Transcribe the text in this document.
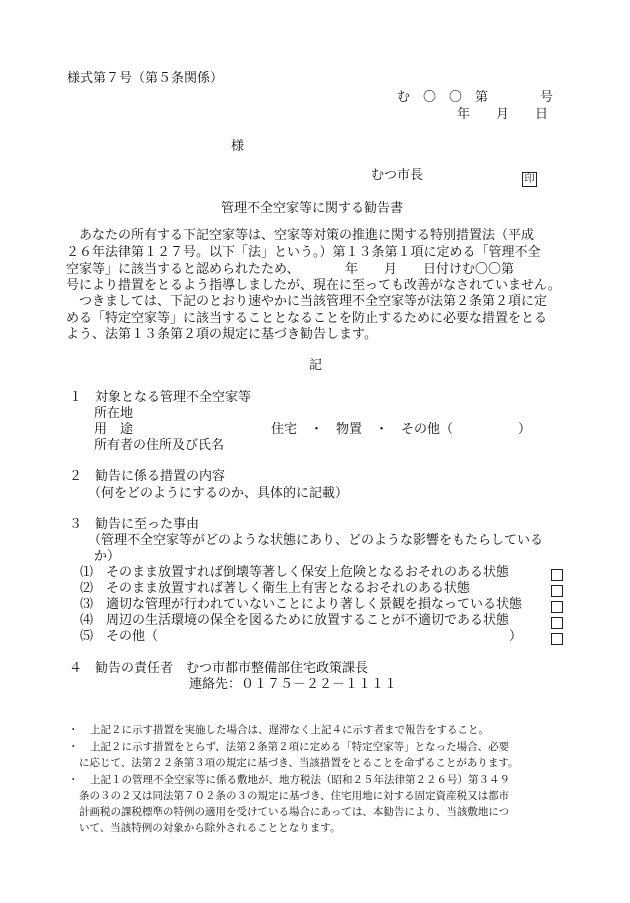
様式第７号（第５条関係）
む　〇　〇　第　　　　号
年　　月　　日
様
むつ市長	印
管理不全空家等に関する勧告書
あなたの所有する下記空家等は、空家等対策の推進に関する特別措置法（平成
２６年法律第１２７号。以下「法」という。）第１３条第１項に定める「管理不全
空家等」に該当すると認められたため、　　　　年　　月　　日付けむ〇〇第
号により措置をとるよう指導しましたが、現在に至っても改善がなされていません。
つきましては、下記のとおり速やかに当該管理不全空家等が法第２条第２項に定
める「特定空家等」に該当することとなることを防止するために必要な措置をとる
よう、法第１３条第２項の規定に基づき勧告します。
記
１　対象となる管理不全空家等
所在地
用　途	住宅　・　物置　・　その他（　　　　　）
所有者の住所及び氏名
２　勧告に係る措置の内容
（何をどのようにするのか、具体的に記載）
３　勧告に至った事由
（管理不全空家等がどのような状態にあり、どのような影響をもたらしている
か）
⑴　 そのまま放置すれば倒壊等著しく保安上危険となるおそれのある状態
⑵　 そのまま放置すれば著しく衛生上有害となるおそれのある状態
⑶　 適切な管理が行われていないことにより著しく景観を損なっている状態
⑷　 周辺の生活環境の保全を図るために放置することが不適切である状態
⑸　 その他（	）
４　勧告の責任者　むつ市都市整備部住宅政策課長
連絡先：０１７５－２２－１１１１
・ 上記２に示す措置を実施した場合は、遅滞なく上記４に示す者まで報告をすること。
・ 上記２に示す措置をとらず、法第２条第２項に定める「特定空家等」となった場合、必要
に応じて、法第２２条第３項の規定に基づき、当該措置をとることを命ずることがあります。
・ 上記１の管理不全空家等に係る敷地が、地方税法（昭和２５年法律第２２６号）第３４９
条の３の２又は同法第７０２条の３の規定に基づき、住宅用地に対する固定資産税又は都市
計画税の課税標準の特例の適用を受けている場合にあっては、本勧告により、当該敷地につ
いて、当該特例の対象から除外されることとなります。
